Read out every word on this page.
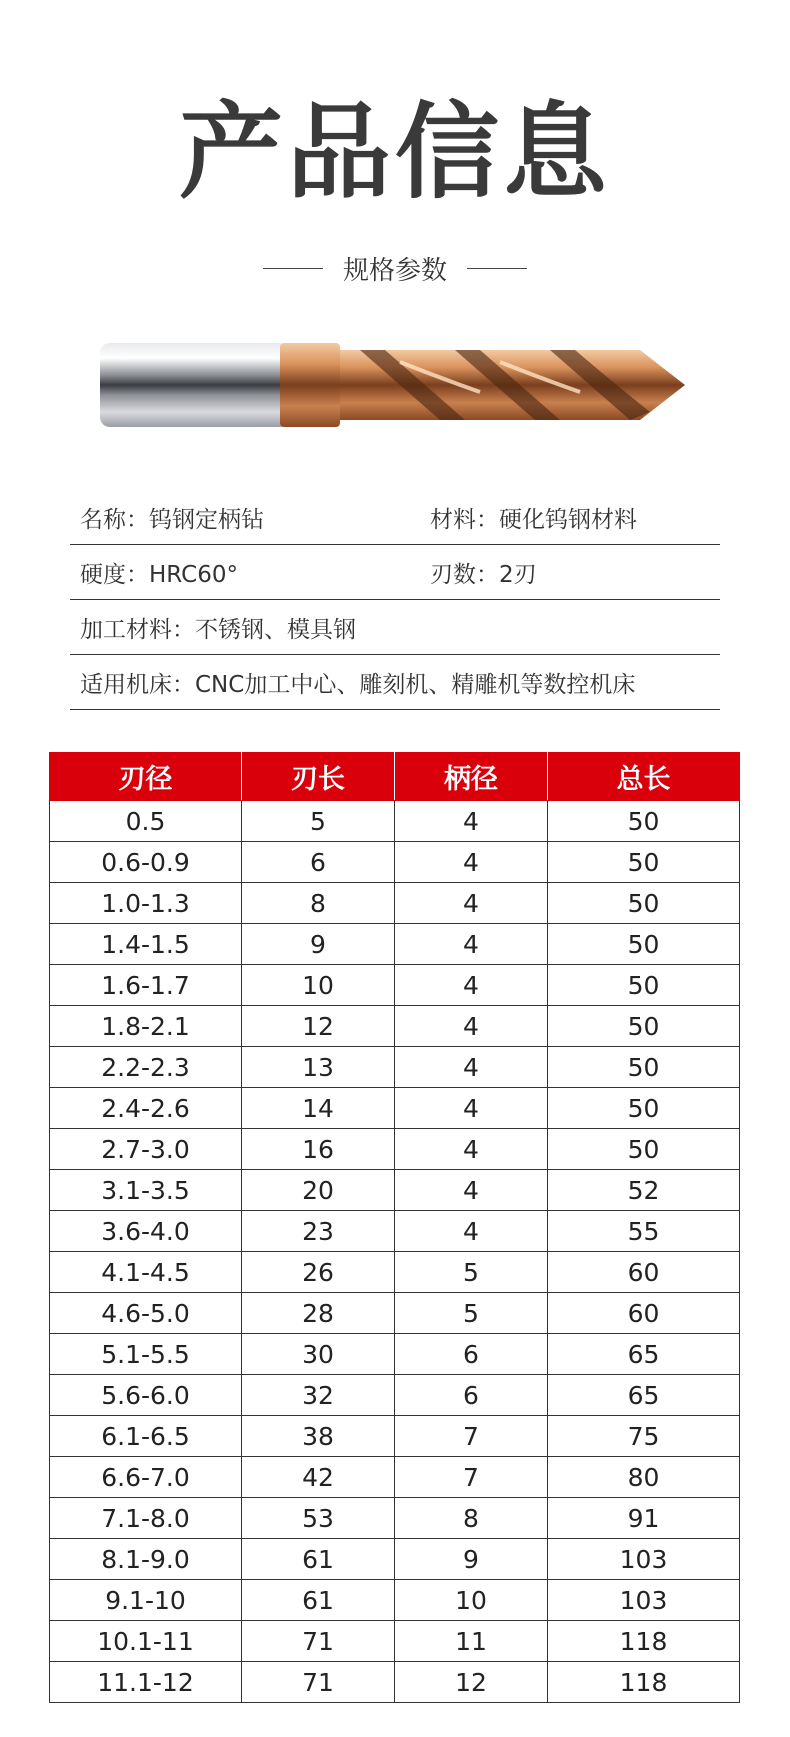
产品信息
规格参数
名称：钨钢定柄钻	材料：硬化钨钢材料
硬度：HRC60°	刃数：2刃
加工材料：不锈钢、模具钢
适用机床：CNC加工中心、雕刻机、精雕机等数控机床
刃径	刃长	柄径	总长
0.5	5	4	50
0.6-0.9	6	4	50
1.0-1.3	8	4	50
1.4-1.5	9	4	50
1.6-1.7	10	4	50
1.8-2.1	12	4	50
2.2-2.3	13	4	50
2.4-2.6	14	4	50
2.7-3.0	16	4	50
3.1-3.5	20	4	52
3.6-4.0	23	4	55
4.1-4.5	26	5	60
4.6-5.0	28	5	60
5.1-5.5	30	6	65
5.6-6.0	32	6	65
6.1-6.5	38	7	75
6.6-7.0	42	7	80
7.1-8.0	53	8	91
8.1-9.0	61	9	103
9.1-10	61	10	103
10.1-11	71	11	118
11.1-12	71	12	118
